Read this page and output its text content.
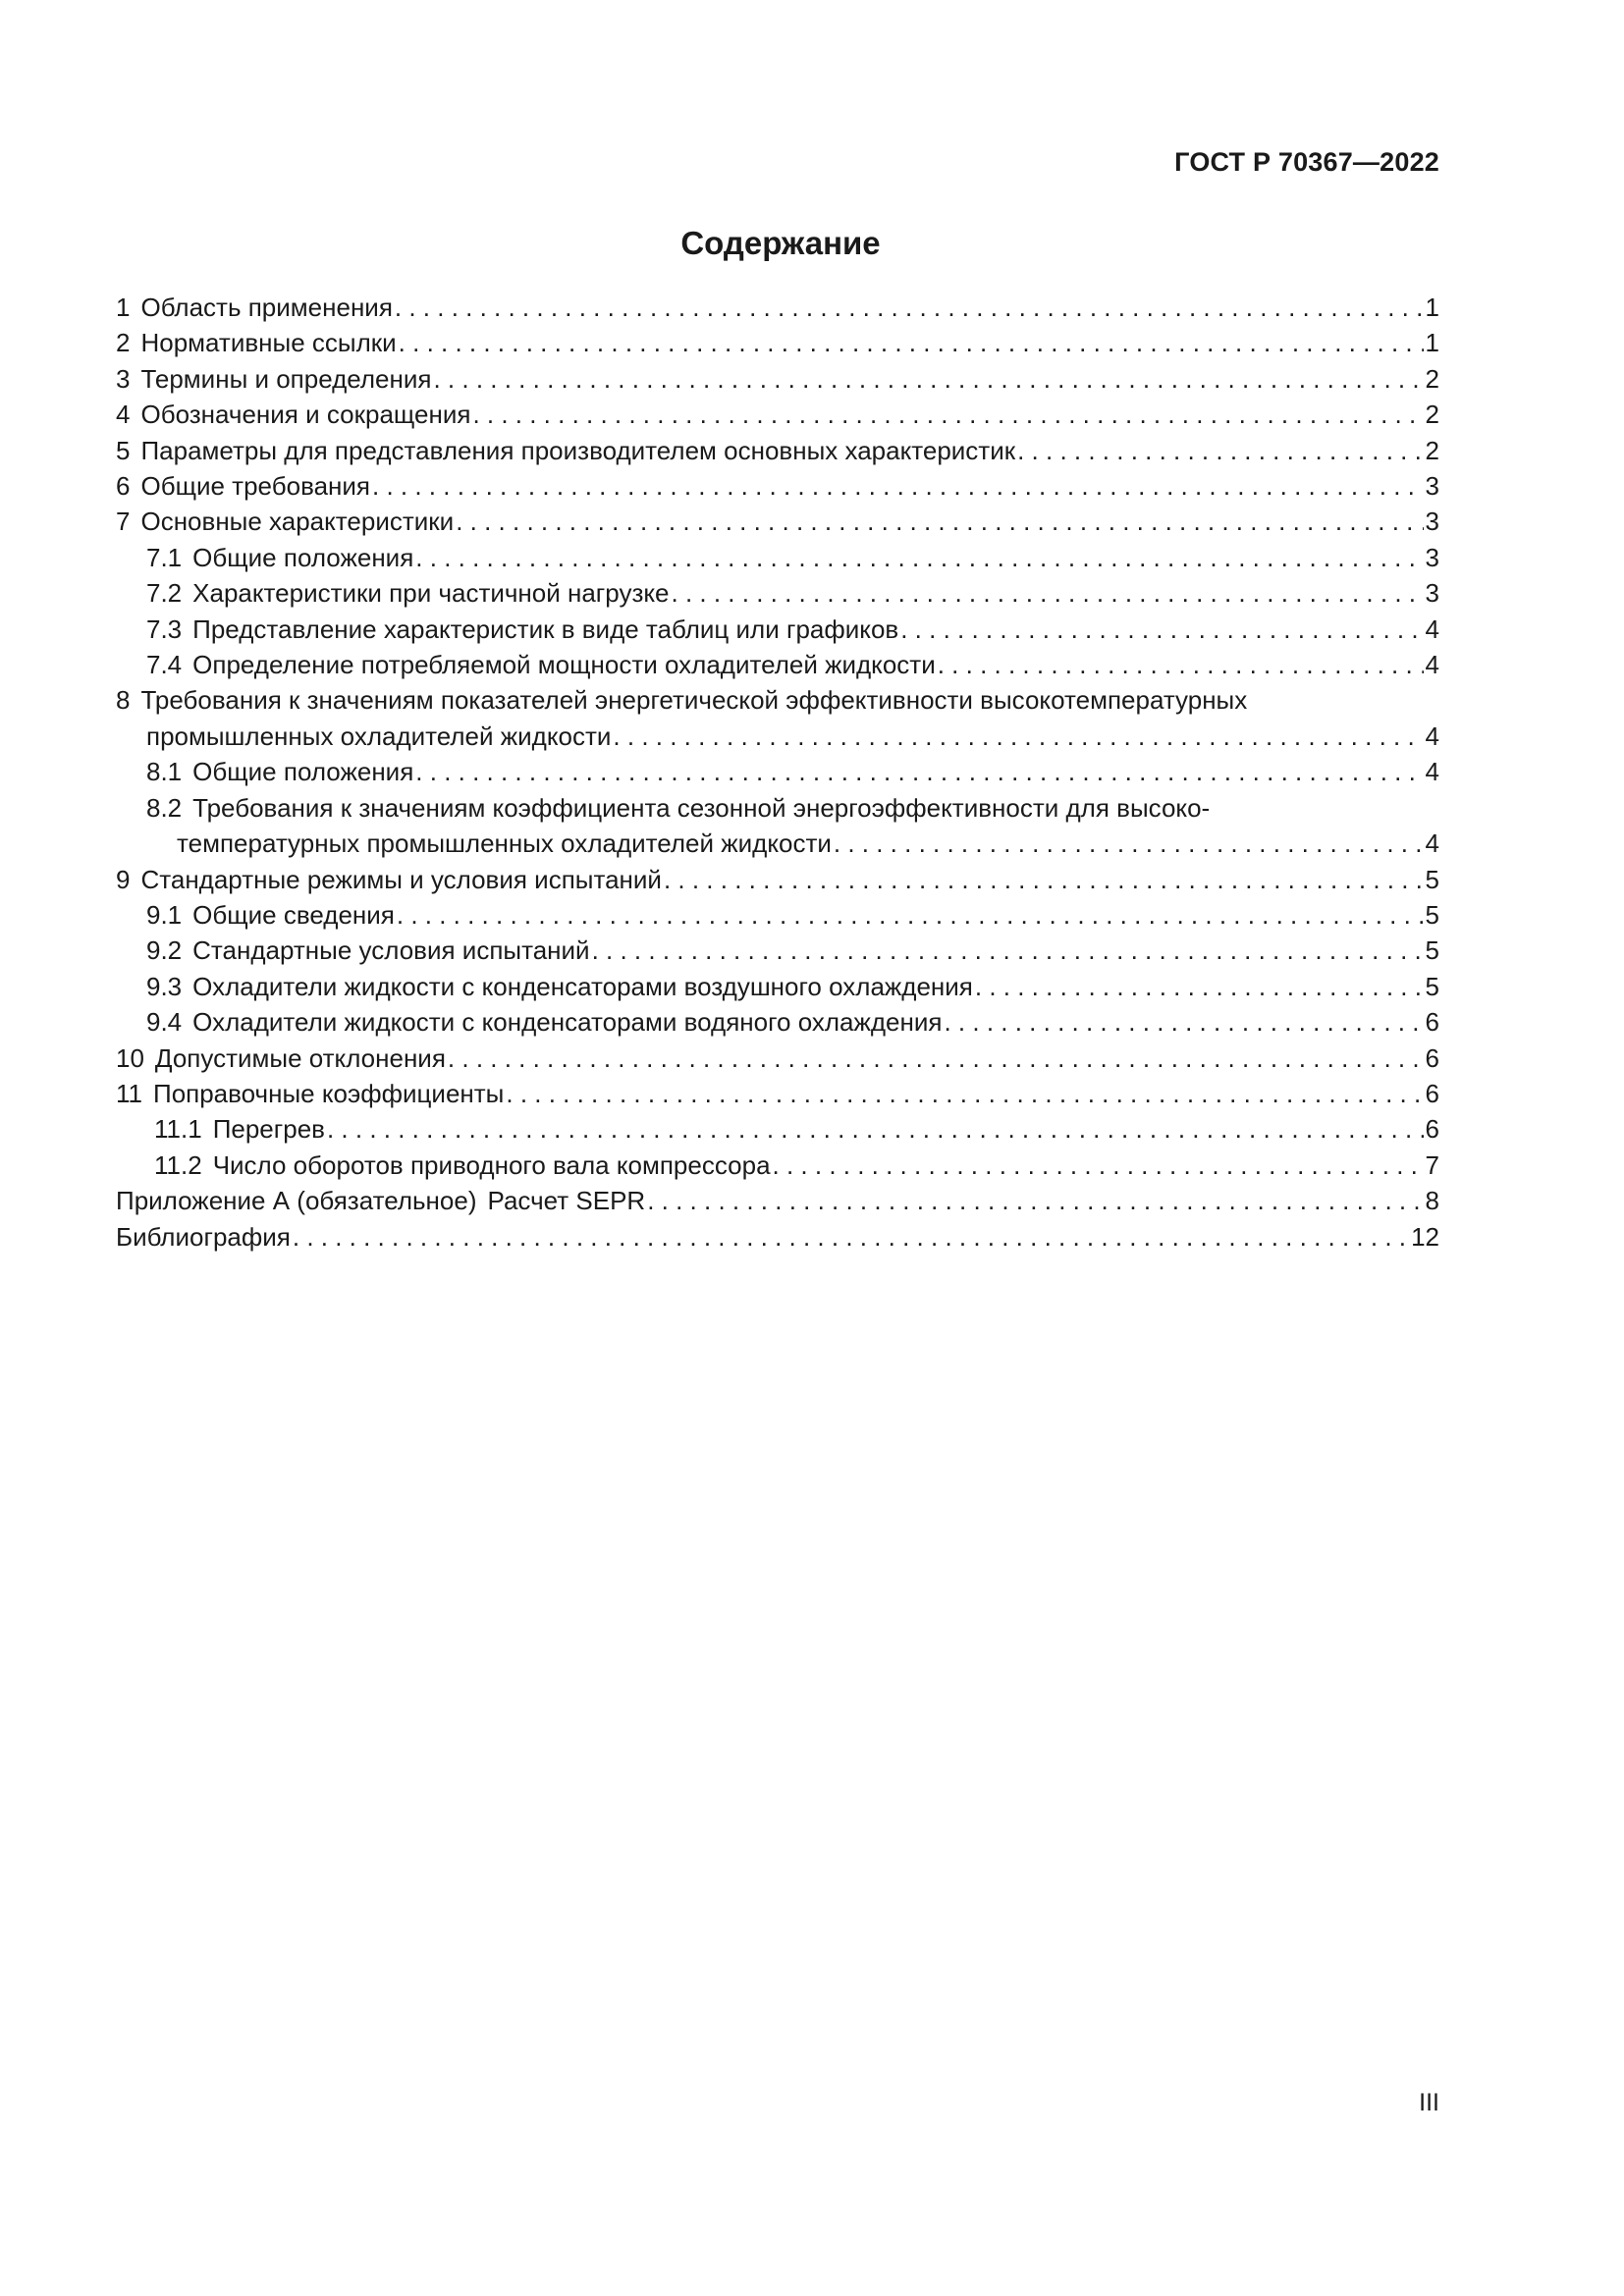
ГОСТ Р 70367—2022
Содержание
1 Область применения . . .	1
2 Нормативные ссылки . . .	1
3 Термины и определения . . .	2
4 Обозначения и сокращения . . .	2
5 Параметры для представления производителем основных характеристик . . .	2
6 Общие требования . . .	3
7 Основные характеристики . . .	3
7.1 Общие положения . . .	3
7.2 Характеристики при частичной нагрузке . . .	3
7.3 Представление характеристик в виде таблиц или графиков . . .	4
7.4 Определение потребляемой мощности охладителей жидкости . . .	4
8 Требования к значениям показателей энергетической эффективности высокотемпературных
промышленных охладителей жидкости . . .	4
8.1 Общие положения . . .	4
8.2 Требования к значениям коэффициента сезонной энергоэффективности для высоко-
температурных промышленных охладителей жидкости . . .	4
9 Стандартные режимы и условия испытаний . . .	5
9.1 Общие сведения . . .	5
9.2 Стандартные условия испытаний . . .	5
9.3 Охладители жидкости с конденсаторами воздушного охлаждения . . .	5
9.4 Охладители жидкости с конденсаторами водяного охлаждения . . .	6
10 Допустимые отклонения . . .	6
11 Поправочные коэффициенты . . .	6
11.1 Перегрев . . .	6
11.2 Число оборотов приводного вала компрессора . . .	7
Приложение А (обязательное) Расчет SEPR . . .	8
Библиография . . .	12
III
